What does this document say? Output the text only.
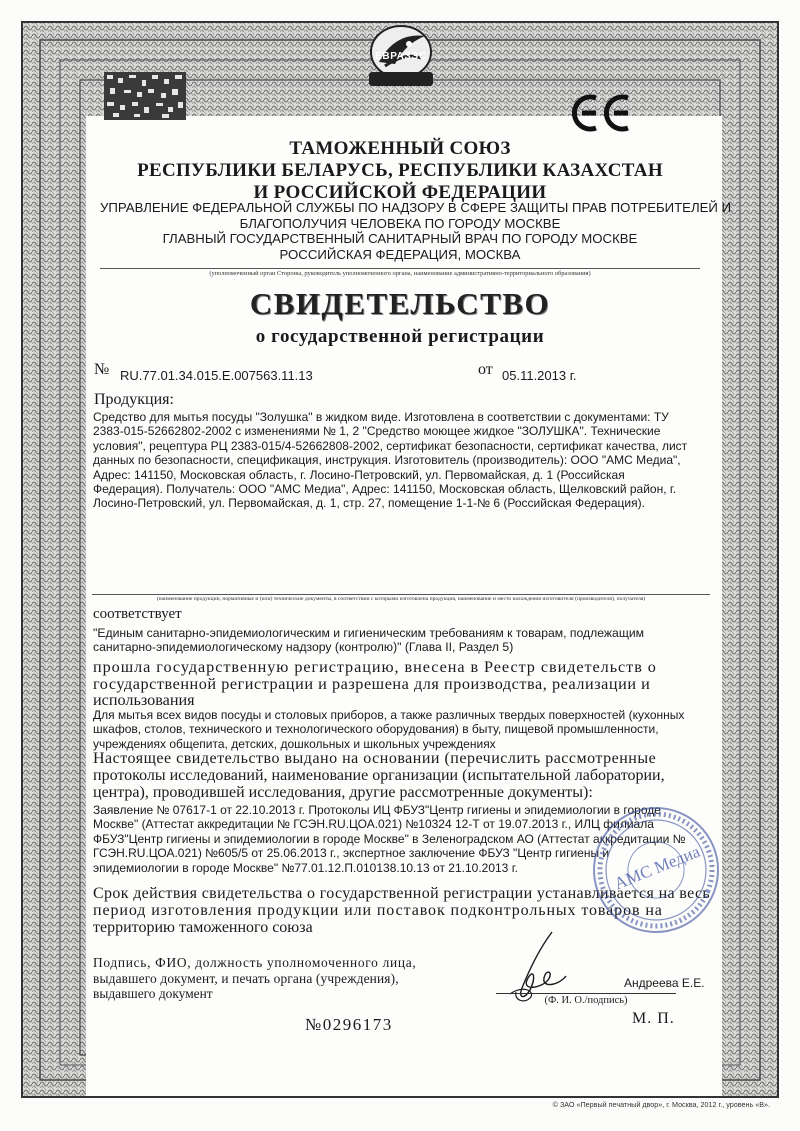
ЕВРАЗЭС
ТАМОЖЕННЫЙ СОЮЗ
РЕСПУБЛИКИ БЕЛАРУСЬ, РЕСПУБЛИКИ КАЗАХСТАН
И РОССИЙСКОЙ ФЕДЕРАЦИИ
УПРАВЛЕНИЕ ФЕДЕРАЛЬНОЙ СЛУЖБЫ ПО НАДЗОРУ В СФЕРЕ ЗАЩИТЫ ПРАВ ПОТРЕБИТЕЛЕЙ И
БЛАГОПОЛУЧИЯ ЧЕЛОВЕКА ПО ГОРОДУ МОСКВЕ
ГЛАВНЫЙ ГОСУДАРСТВЕННЫЙ САНИТАРНЫЙ ВРАЧ ПО ГОРОДУ МОСКВЕ
РОССИЙСКАЯ ФЕДЕРАЦИЯ, МОСКВА
(уполномоченный орган Стороны, руководитель уполномоченного органа, наименование административно-территориального образования)
СВИДЕТЕЛЬСТВО
о государственной регистрации
№ RU.77.01.34.015.E.007563.11.13	от 05.11.2013 г.
Продукция:
Средство для мытья посуды "Золушка" в жидком виде. Изготовлена в соответствии с документами: ТУ
2383-015-52662802-2002 с изменениями № 1, 2 "Средство моющее жидкое "ЗОЛУШКА". Технические
условия", рецептура РЦ 2383-015/4-52662808-2002, сертификат безопасности, сертификат качества, лист
данных по безопасности, спецификация, инструкция. Изготовитель (производитель): ООО "АМС Медиа",
Адрес: 141150, Московская область, г. Лосино-Петровский, ул. Первомайская, д. 1 (Российская
Федерация). Получатель: ООО "АМС Медиа", Адрес: 141150, Московская область, Щелковский район, г.
Лосино-Петровский, ул. Первомайская, д. 1, стр. 27, помещение 1-1-№ 6 (Российская Федерация).
(наименование продукции, нормативные и (или) технические документы, в соответствии с которыми изготовлена продукция, наименование и место нахождения изготовителя (производителя), получателя)
соответствует
"Единым санитарно-эпидемиологическим и гигиеническим требованиям к товарам, подлежащим
санитарно-эпидемиологическому надзору (контролю)" (Глава II, Раздел 5)
прошла государственную регистрацию, внесена в Реестр свидетельств о
государственной регистрации и разрешена для производства, реализации и
использования
Для мытья всех видов посуды и столовых приборов, а также различных твердых поверхностей (кухонных
шкафов, столов, технического и технологического оборудования) в быту, пищевой промышленности,
учреждениях общепита, детских, дошкольных и школьных учреждениях
Настоящее свидетельство выдано на основании (перечислить рассмотренные
протоколы исследований, наименование организации (испытательной лаборатории,
центра), проводившей исследования, другие рассмотренные документы):
Заявление № 07617-1 от 22.10.2013 г. Протоколы ИЦ ФБУЗ"Центр гигиены и эпидемиологии в городе
Москве" (Аттестат аккредитации № ГСЭН.RU.ЦОА.021) №10324 12-Т от 19.07.2013 г., ИЛЦ филиала
ФБУЗ"Центр гигиены и эпидемиологии в городе Москве" в Зеленоградском АО (Аттестат аккредитации №
ГСЭН.RU.ЦОА.021) №605/5 от 25.06.2013 г., экспертное заключение ФБУЗ "Центр гигиены и
эпидемиологии в городе Москве" №77.01.12.П.010138.10.13 от 21.10.2013 г.
Срок действия свидетельства о государственной регистрации устанавливается на весь
период изготовления продукции или поставок подконтрольных товаров на
территорию таможенного союза
АМС Медиа
Подпись, ФИО, должность уполномоченного лица,
выдавшего документ, и печать органа (учреждения),
выдавшего документ
Андреева Е.Е.
(Ф. И. О./подпись)
№0296173	М. П.
© ЗАО «Первый печатный двор», г. Москва, 2012 г., уровень «В».
